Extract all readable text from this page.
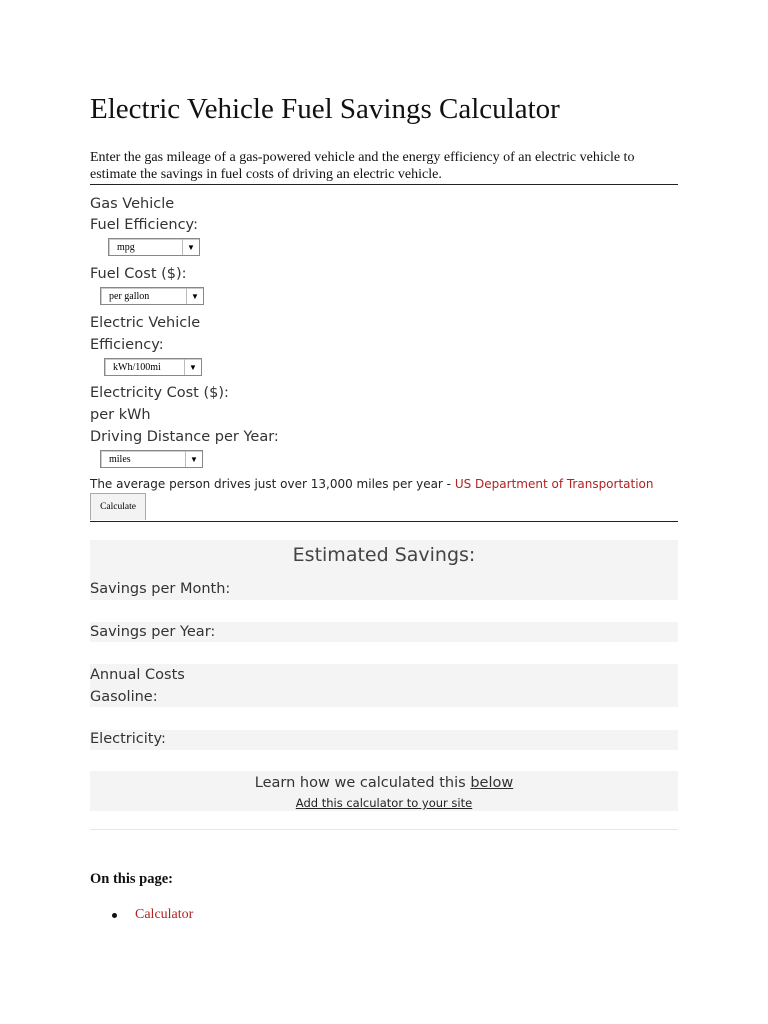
Electric Vehicle Fuel Savings Calculator
Enter the gas mileage of a gas-powered vehicle and the energy efficiency of an electric vehicle to estimate the savings in fuel costs of driving an electric vehicle.
Gas Vehicle
Fuel Efficiency:
mpg	▼
Fuel Cost ($):
per gallon	▼
Electric Vehicle
Efficiency:
kWh/100mi	▼
Electricity Cost ($):
per kWh
Driving Distance per Year:
miles	▼
The average person drives just over 13,000 miles per year - US Department of Transportation
Calculate
Estimated Savings:
Savings per Month:
Savings per Year:
Annual Costs
Gasoline:
Electricity:
Learn how we calculated this below
Add this calculator to your site
On this page:
Calculator
